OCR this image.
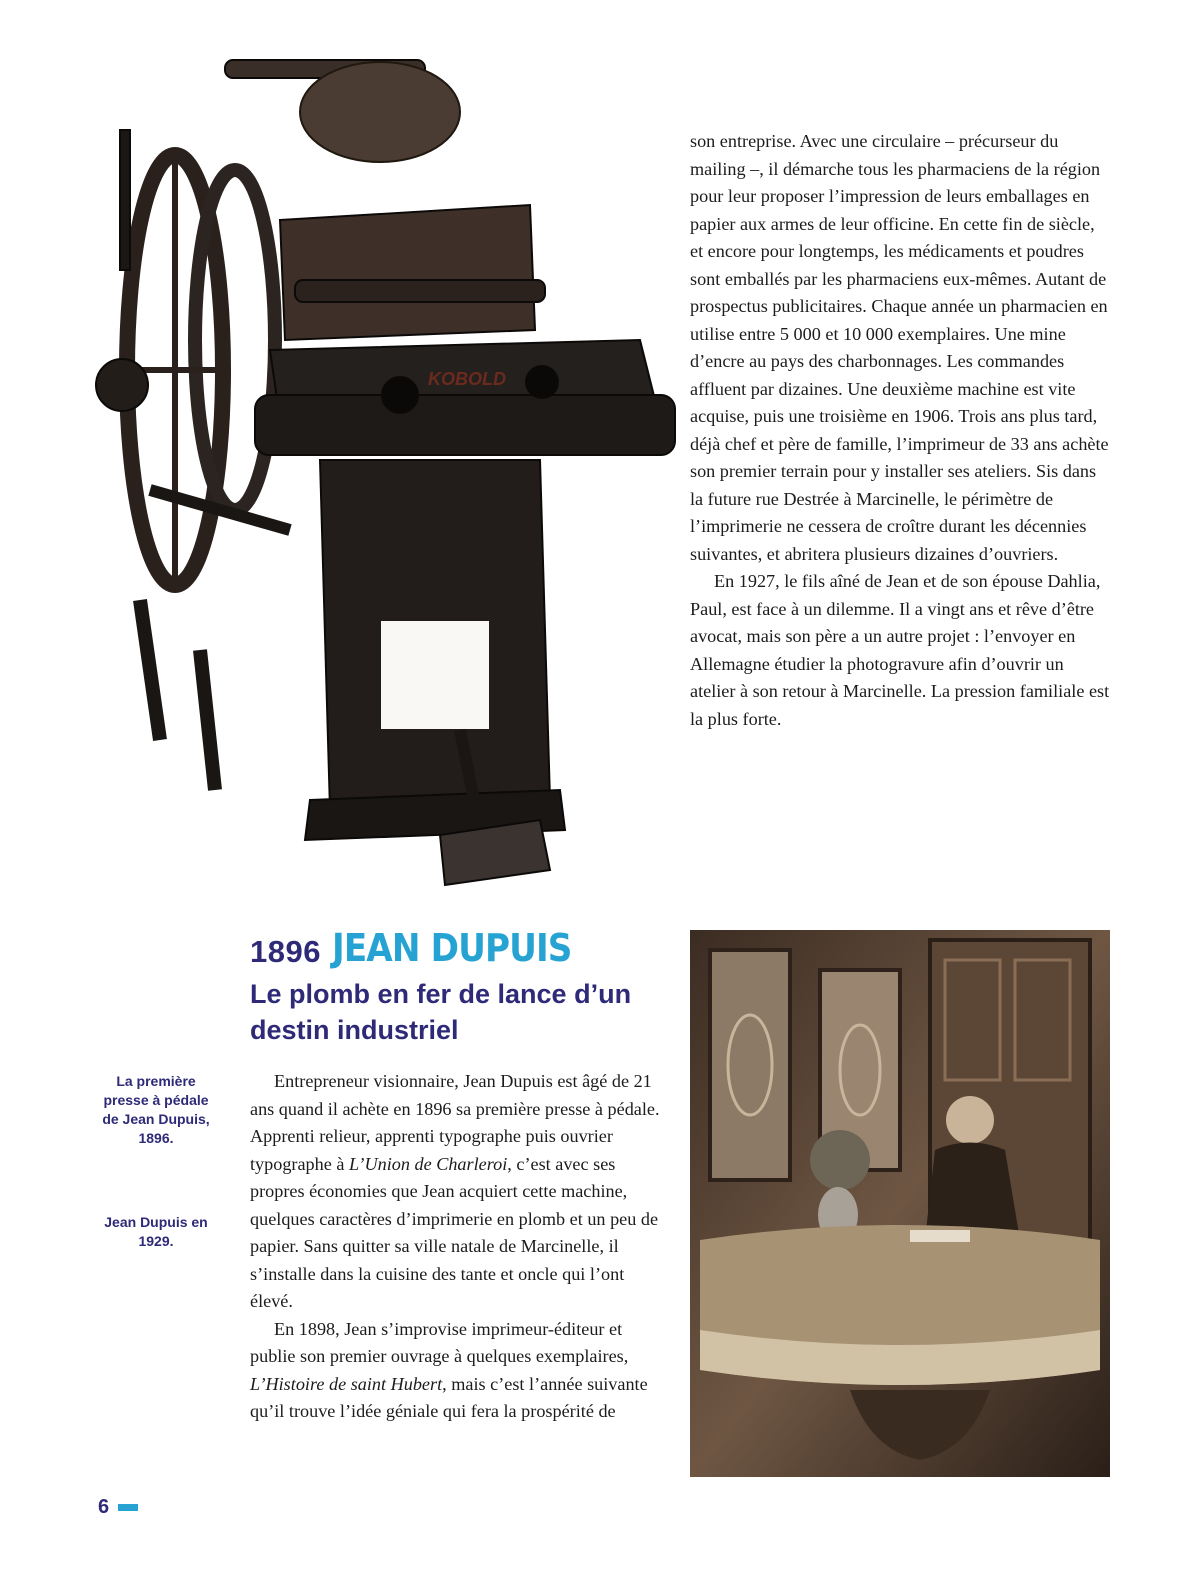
KOBOLD

son entreprise. Avec une circulaire – précurseur du mailing –, il démarche tous les pharmaciens de la région pour leur proposer l’impression de leurs emballages en papier aux armes de leur officine. En cette fin de siècle, et encore pour longtemps, les médicaments et poudres sont emballés par les pharmaciens eux-mêmes. Autant de prospectus publicitaires. Chaque année un pharmacien en utilise entre 5 000 et 10 000 exemplaires. Une mine d’encre au pays des charbonnages. Les commandes affluent par dizaines. Une deuxième machine est vite acquise, puis une troisième en 1906. Trois ans plus tard, déjà chef et père de famille, l’imprimeur de 33 ans achète son premier terrain pour y installer ses ateliers. Sis dans la future rue Destrée à Marcinelle, le périmètre de l’imprimerie ne cessera de croître durant les décennies suivantes, et abritera plusieurs dizaines d’ouvriers.

En 1927, le fils aîné de Jean et de son épouse Dahlia, Paul, est face à un dilemme. Il a vingt ans et rêve d’être avocat, mais son père a un autre projet : l’envoyer en Allemagne étudier la photogravure afin d’ouvrir un atelier à son retour à Marcinelle. La pression familiale est la plus forte.

1896 JEAN DUPUIS
Le plomb en fer de lance d’un destin industriel
La première presse à pédale de Jean Dupuis, 1896.
Jean Dupuis en 1929.

Entrepreneur visionnaire, Jean Dupuis est âgé de 21 ans quand il achète en 1896 sa première presse à pédale. Apprenti relieur, apprenti typographe puis ouvrier typographe à L’Union de Charleroi, c’est avec ses propres économies que Jean acquiert cette machine, quelques caractères d’imprimerie en plomb et un peu de papier. Sans quitter sa ville natale de Marcinelle, il s’installe dans la cuisine des tante et oncle qui l’ont élevé.

En 1898, Jean s’improvise imprimeur-éditeur et publie son premier ouvrage à quelques exemplaires, L’Histoire de saint Hubert, mais c’est l’année suivante qu’il trouve l’idée géniale qui fera la prospérité de

6
